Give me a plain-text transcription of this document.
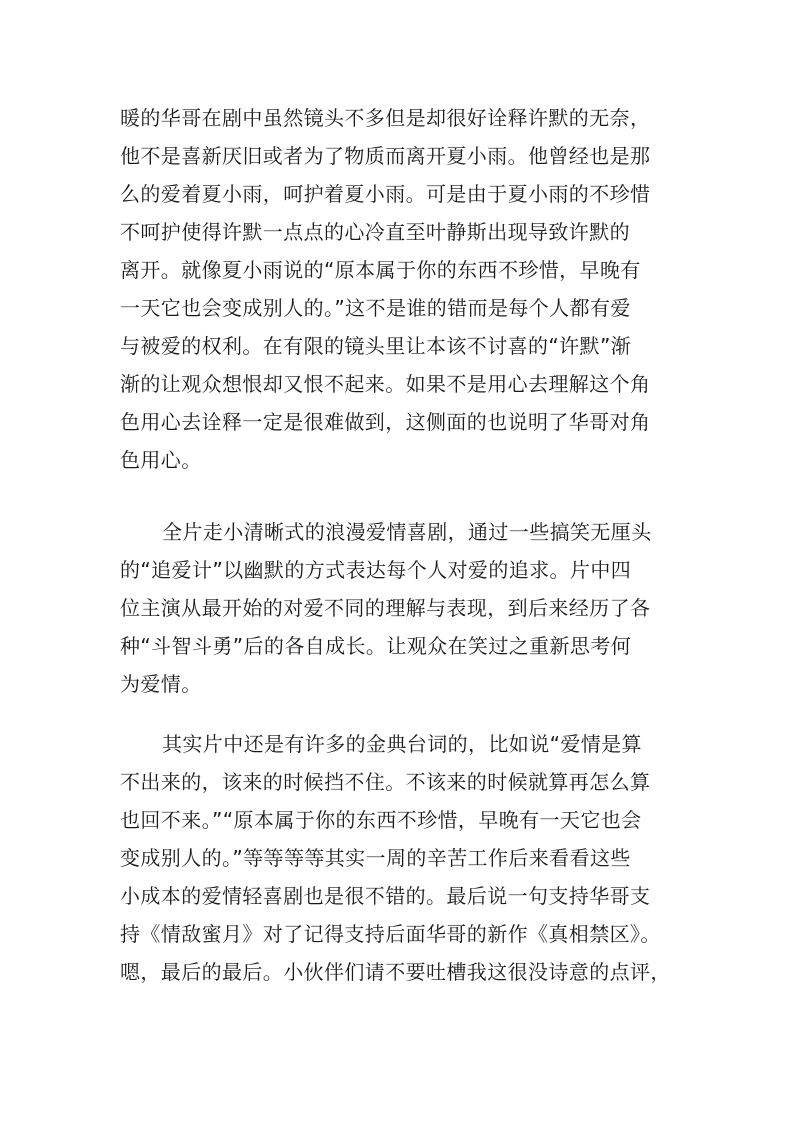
暖的华哥在剧中虽然镜头不多但是却很好诠释许默的无奈，
他不是喜新厌旧或者为了物质而离开夏小雨。他曾经也是那
么的爱着夏小雨，呵护着夏小雨。可是由于夏小雨的不珍惜
不呵护使得许默一点点的心冷直至叶静斯出现导致许默的
离开。就像夏小雨说的“原本属于你的东西不珍惜，早晚有
一天它也会变成别人的。”这不是谁的错而是每个人都有爱
与被爱的权利。在有限的镜头里让本该不讨喜的“许默”渐
渐的让观众想恨却又恨不起来。如果不是用心去理解这个角
色用心去诠释一定是很难做到，这侧面的也说明了华哥对角
色用心。
全片走小清晰式的浪漫爱情喜剧，通过一些搞笑无厘头
的“追爱计”以幽默的方式表达每个人对爱的追求。片中四
位主演从最开始的对爱不同的理解与表现，到后来经历了各
种“斗智斗勇”后的各自成长。让观众在笑过之重新思考何
为爱情。
其实片中还是有许多的金典台词的，比如说“爱情是算
不出来的，该来的时候挡不住。不该来的时候就算再怎么算
也回不来。”“原本属于你的东西不珍惜，早晚有一天它也会
变成别人的。”等等等等其实一周的辛苦工作后来看看这些
小成本的爱情轻喜剧也是很不错的。最后说一句支持华哥支
持《情敌蜜月》对了记得支持后面华哥的新作《真相禁区》。
嗯，最后的最后。小伙伴们请不要吐槽我这很没诗意的点评，
